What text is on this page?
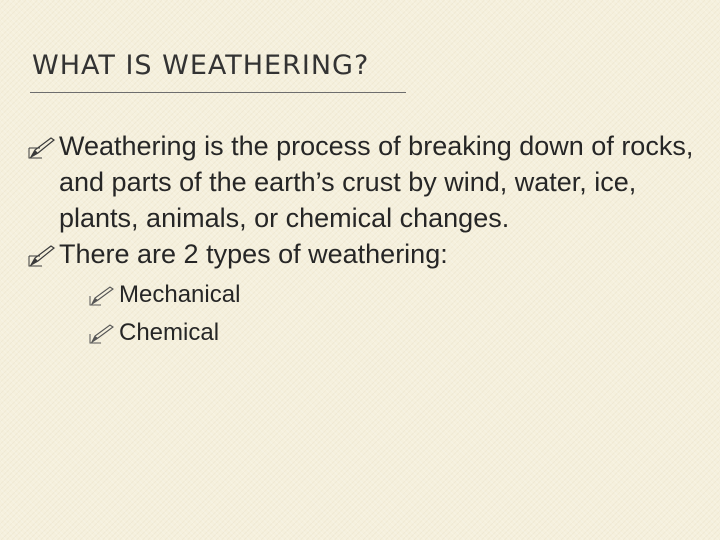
WHAT IS WEATHERING?
Weathering is the process of breaking down of rocks, and parts of the earth’s crust by wind, water, ice, plants, animals, or chemical changes.
There are 2 types of weathering:
Mechanical
Chemical
